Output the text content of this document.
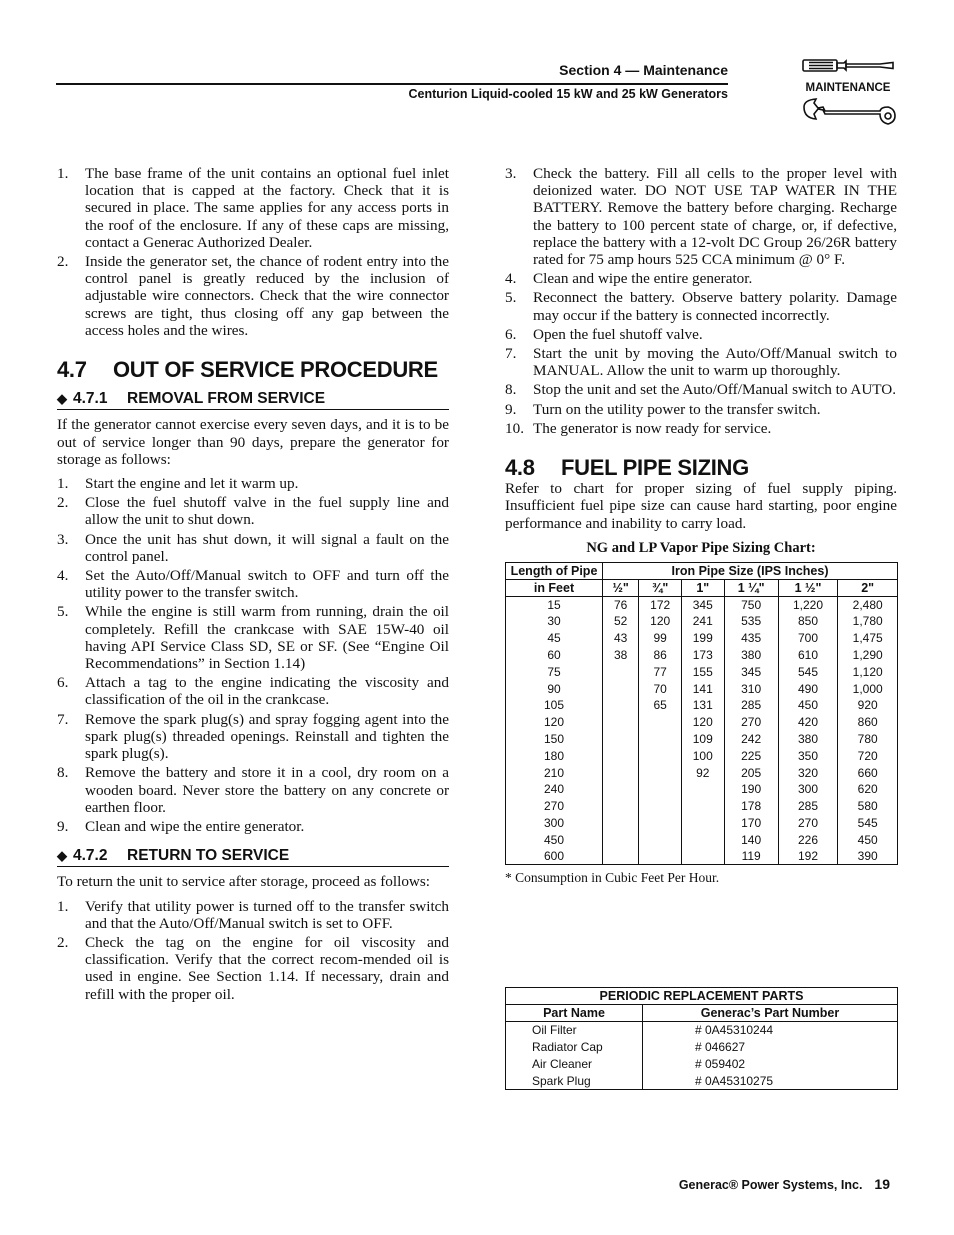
Section 4 — Maintenance
Centurion Liquid-cooled 15 kW and 25 kW Generators	MAINTENANCE
1. The base frame of the unit contains an optional fuel inlet location that is capped at the factory. Check that it is secured in place. The same applies for any access ports in the roof of the enclosure. If any of these caps are missing, contact a Generac Authorized Dealer.
2. Inside the generator set, the chance of rodent entry into the control panel is greatly reduced by the inclusion of adjustable wire connectors. Check that the wire connector screws are tight, thus closing off any gap between the access holes and the wires.
4.7 OUT OF SERVICE PROCEDURE
◆ 4.7.1 REMOVAL FROM SERVICE

If the generator cannot exercise every seven days, and it is to be out of service longer than 90 days, prepare the generator for storage as follows:

1. Start the engine and let it warm up.
2. Close the fuel shutoff valve in the fuel supply line and allow the unit to shut down.
3. Once the unit has shut down, it will signal a fault on the control panel.
4. Set the Auto/Off/Manual switch to OFF and turn off the utility power to the transfer switch.
5. While the engine is still warm from running, drain the oil completely. Refill the crankcase with SAE 15W-40 oil having API Service Class SD, SE or SF. (See “Engine Oil Recommendations” in Section 1.14)
6. Attach a tag to the engine indicating the viscosity and classification of the oil in the crankcase.
7. Remove the spark plug(s) and spray fogging agent into the spark plug(s) threaded openings. Reinstall and tighten the spark plug(s).
8. Remove the battery and store it in a cool, dry room on a wooden board. Never store the battery on any concrete or earthen floor.
9. Clean and wipe the entire generator.
◆ 4.7.2 RETURN TO SERVICE

To return the unit to service after storage, proceed as follows:

1. Verify that utility power is turned off to the transfer switch and that the Auto/Off/Manual switch is set to OFF.
2. Check the tag on the engine for oil viscosity and classification. Verify that the correct recom-mended oil is used in engine. See Section 1.14. If necessary, drain and refill with the proper oil.
3. Check the battery. Fill all cells to the proper level with deionized water. DO NOT USE TAP WATER IN THE BATTERY. Remove the battery before charging. Recharge the battery to 100 percent state of charge, or, if defective, replace the battery with a 12-volt DC Group 26/26R battery rated for 75 amp hours 525 CCA minimum @ 0° F.
4. Clean and wipe the entire generator.
5. Reconnect the battery. Observe battery polarity. Damage may occur if the battery is connected incorrectly.
6. Open the fuel shutoff valve.
7. Start the unit by moving the Auto/Off/Manual switch to MANUAL. Allow the unit to warm up thoroughly.
8. Stop the unit and set the Auto/Off/Manual switch to AUTO.
9. Turn on the utility power to the transfer switch.
10. The generator is now ready for service.
4.8 FUEL PIPE SIZING

Refer to chart for proper sizing of fuel supply piping. Insufficient fuel pipe size can cause hard starting, poor engine performance and inability to carry load.

NG and LP Vapor Pipe Sizing Chart:
Length of Pipe	Iron Pipe Size (IPS Inches)					
in Feet	½"	¾"	1"	1 ¼"	1 ½"	2"
15	76	172	345	750	1,220	2,480
30	52	120	241	535	850	1,780
45	43	99	199	435	700	1,475
60	38	86	173	380	610	1,290
75		77	155	345	545	1,120
90		70	141	310	490	1,000
105		65	131	285	450	920
120			120	270	420	860
150			109	242	380	780
180			100	225	350	720
210			92	205	320	660
240				190	300	620
270				178	285	580
300				170	270	545
450				140	226	450
600				119	192	390
* Consumption in Cubic Feet Per Hour.
PERIODIC REPLACEMENT PARTS	
Part Name	Generac’s Part Number
Oil Filter	# 0A45310244
Radiator Cap	# 046627
Air Cleaner	# 059402
Spark Plug	# 0A45310275
Generac® Power Systems, Inc. 19
